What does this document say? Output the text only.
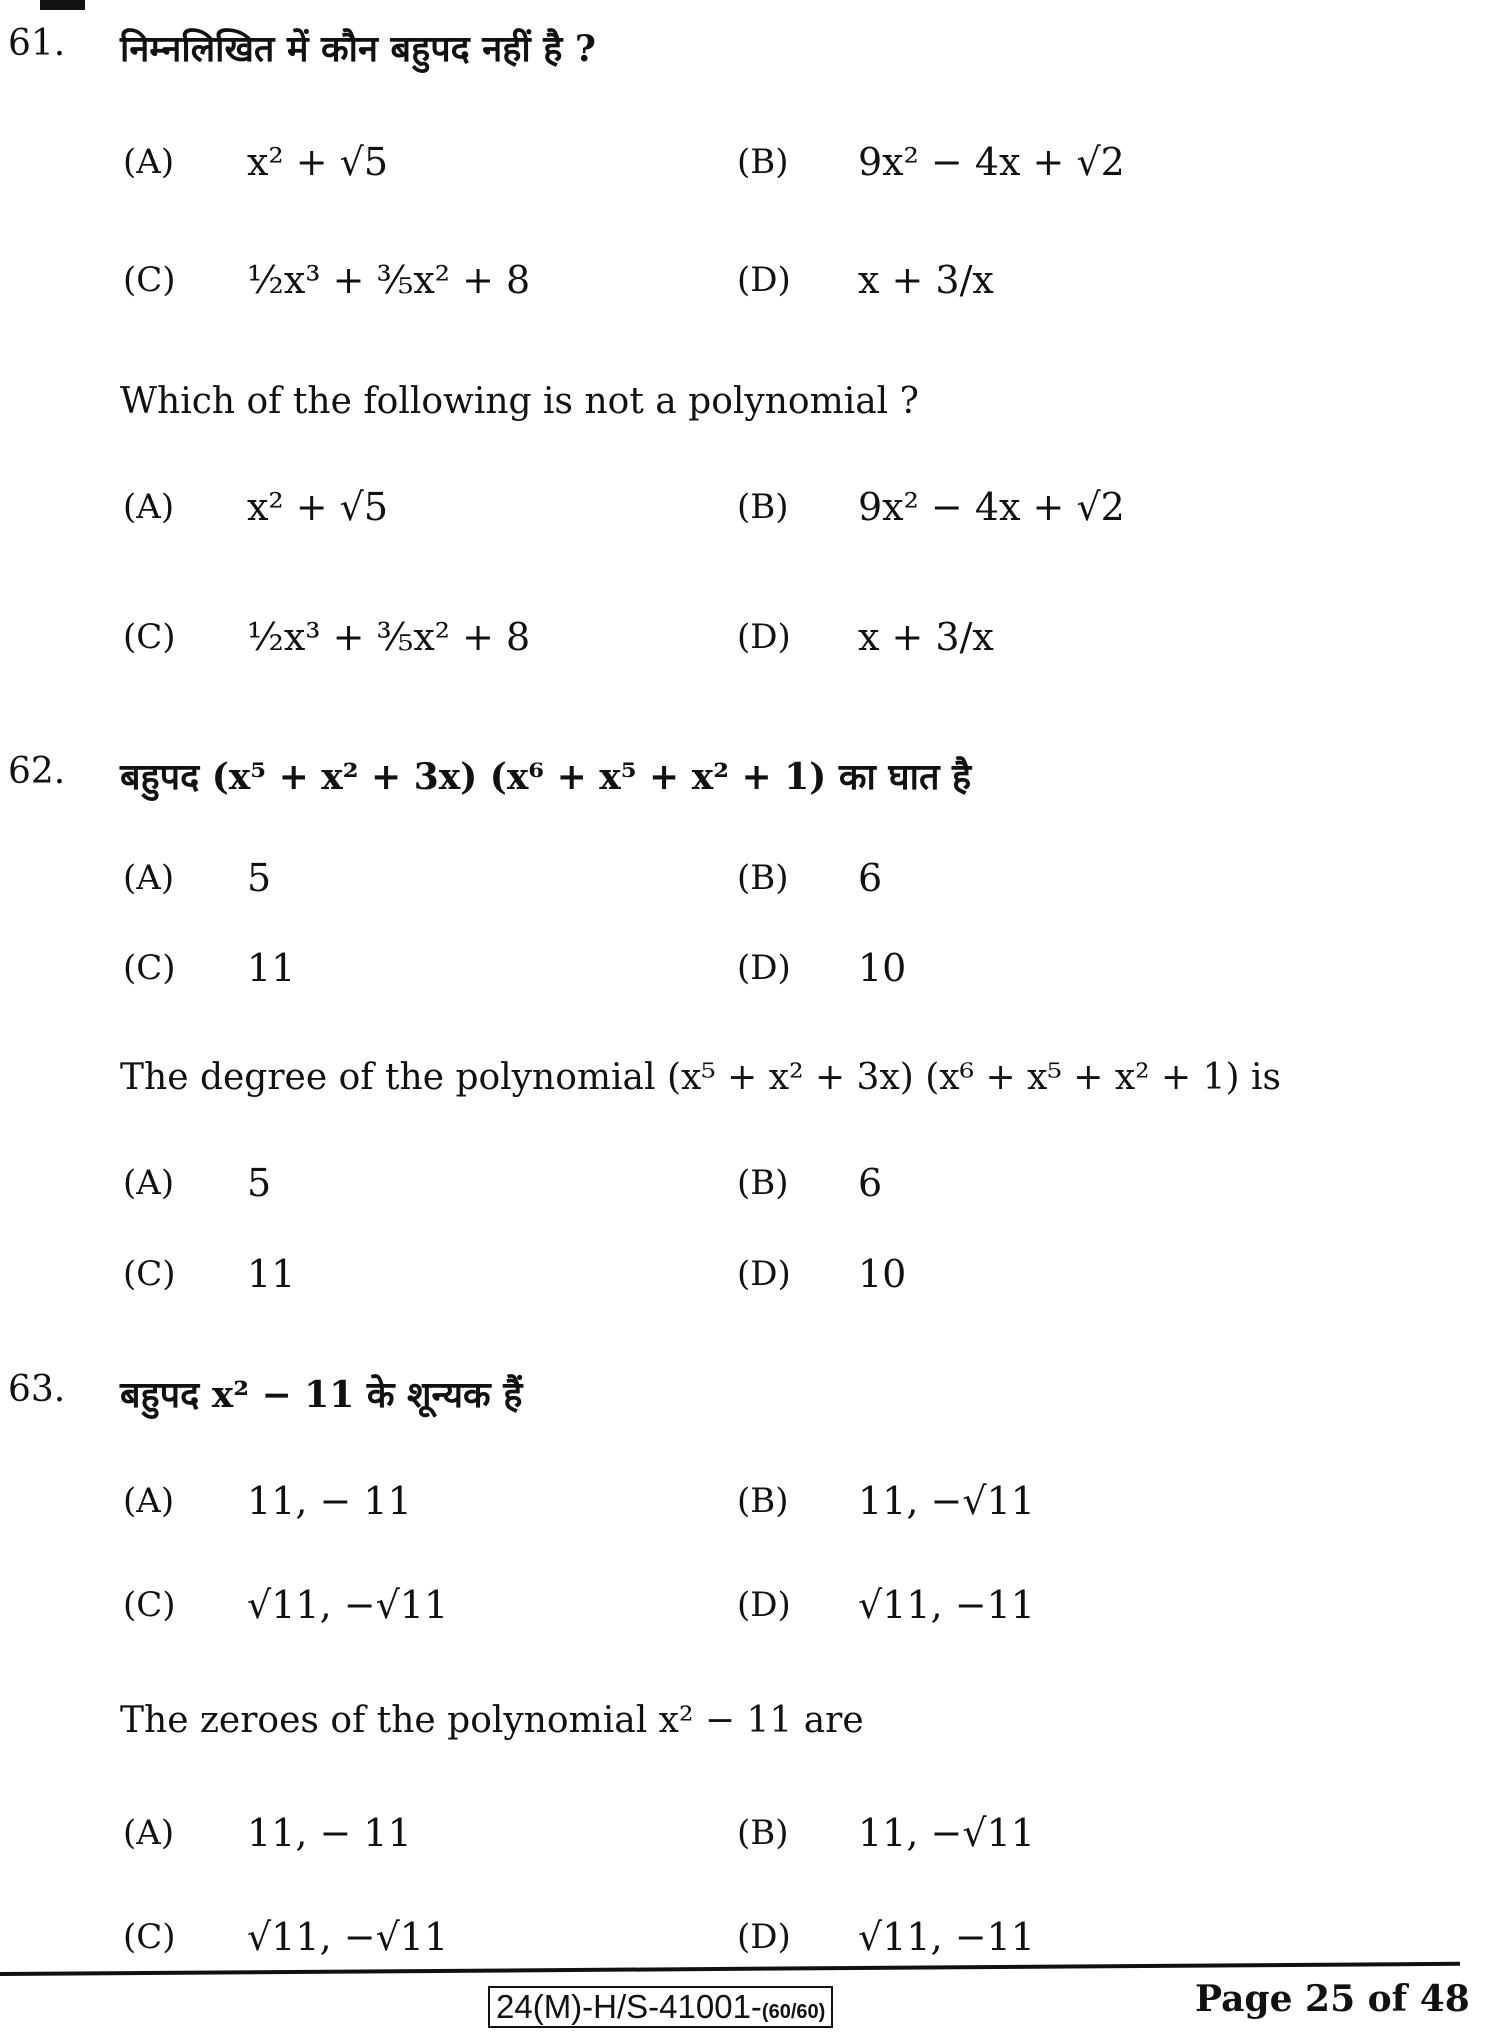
61. निम्नलिखित में कौन बहुपद नहीं है ?
Which of the following is not a polynomial ?
(A) x² + √5	(B) 9x² − 4x + √2
(C) ½x³ + ⅗x² + 8	(D) x + 3/x
(A) x² + √5	(B) 9x² − 4x + √2
(C) ½x³ + ⅗x² + 8	(D) x + 3/x
62. बहुपद (x⁵ + x² + 3x) (x⁶ + x⁵ + x² + 1) का घात है
The degree of the polynomial (x⁵ + x² + 3x) (x⁶ + x⁵ + x² + 1) is
(A) 5	(B) 6
(C) 11	(D) 10
(A) 5	(B) 6
(C) 11	(D) 10
63. बहुपद x² − 11 के शून्यक हैं
The zeroes of the polynomial x² − 11 are
(A) 11, − 11	(B) 11, −√11
(C) √11, −√11	(D) √11, −11
(A) 11, − 11	(B) 11, −√11
(C) √11, −√11	(D) √11, −11
24(M)-H/S-41001-(60/60)	Page 25 of 48
